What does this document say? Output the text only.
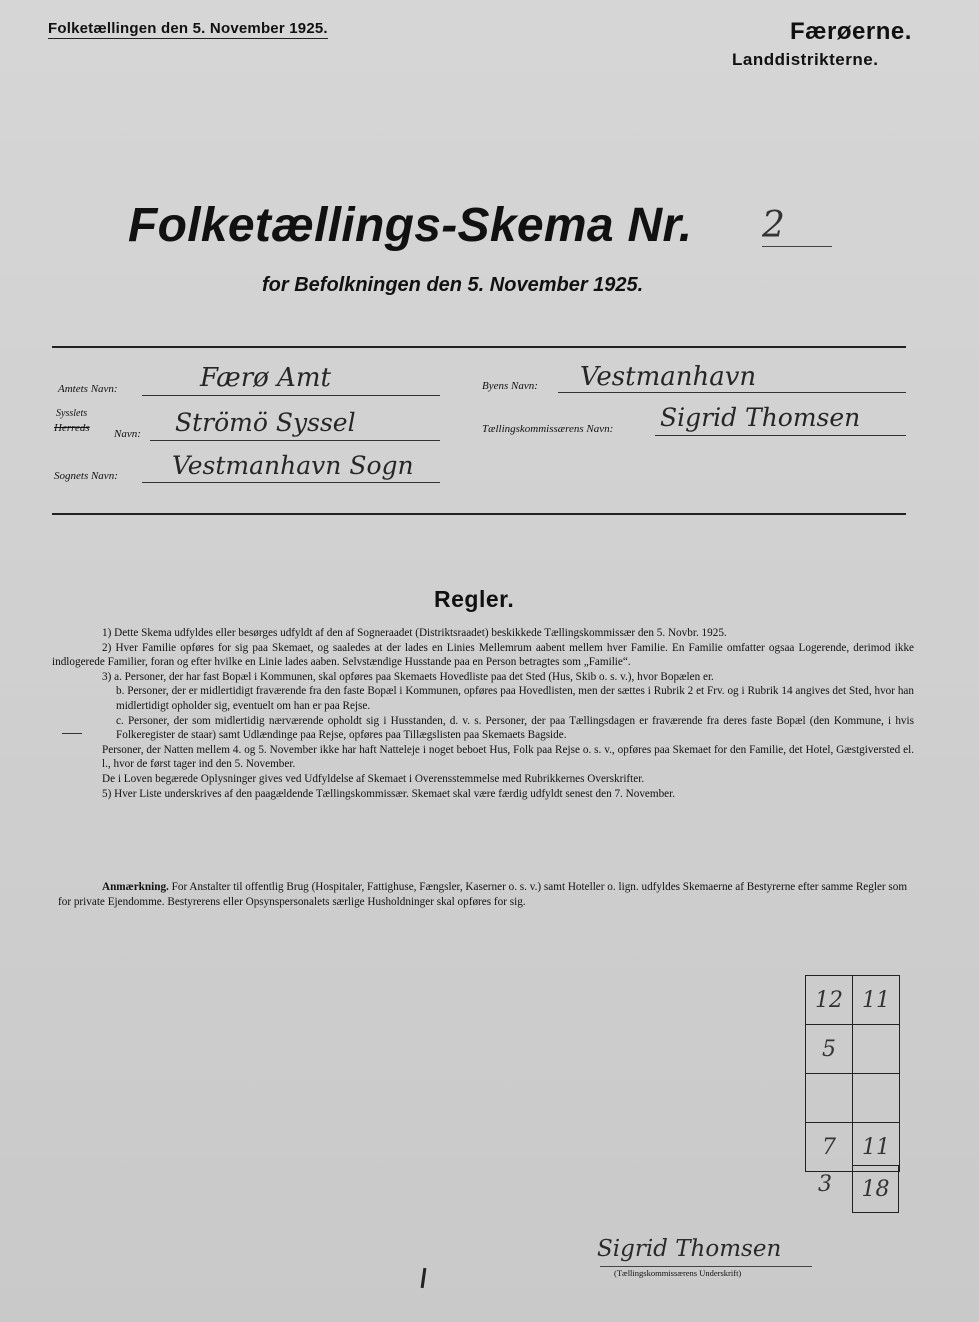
Folketællingen den 5. November 1925.	Færøerne.
Landdistrikterne.
Folketællings-Skema Nr. 2
for Befolkningen den 5. November 1925.
Amtets Navn:	Færø Amt
Sysslets
Herreds Navn: Strömö Syssel
Sognets Navn: Vestmanhavn Sogn
Byens Navn: Vestmanhavn
Tællingskommissærens Navn: Sigrid Thomsen
Regler.
1) Dette Skema udfyldes eller besørges udfyldt af den af Sogneraadet (Distriktsraadet) beskikkede Tællingskommissær den 5. Novbr. 1925.
2) Hver Familie opføres for sig paa Skemaet, og saaledes at der lades en Linies Mellemrum aabent mellem hver Familie. En Familie omfatter ogsaa Logerende, derimod ikke indlogerede Familier, foran og efter hvilke en Linie lades aaben. Selvstændige Husstande paa en Person betragtes som „Familie“.
3) a. Personer, der har fast Bopæl i Kommunen, skal opføres paa Skemaets Hovedliste paa det Sted (Hus, Skib o. s. v.), hvor Bopælen er.
b. Personer, der er midlertidigt fraværende fra den faste Bopæl i Kommunen, opføres paa Hovedlisten, men der sættes i Rubrik 2 et Frv. og i Rubrik 14 angives det Sted, hvor han midlertidigt opholder sig, eventuelt om han er paa Rejse.
c. Personer, der som midlertidig nærværende opholdt sig i Husstanden, d. v. s. Personer, der paa Tællingsdagen er fraværende fra deres faste Bopæl (den Kommune, i hvis Folkeregister de staar) samt Udlændinge paa Rejse, opføres paa Tillægslisten paa Skemaets Bagside.
Personer, der Natten mellem 4. og 5. November ikke har haft Natteleje i noget beboet Hus, Folk paa Rejse o. s. v., opføres paa Skemaet for den Familie, det Hotel, Gæstgiversted el. l., hvor de først tager ind den 5. November.
De i Loven begærede Oplysninger gives ved Udfyldelse af Skemaet i Overensstemmelse med Rubrikkernes Overskrifter.
5) Hver Liste underskrives af den paagældende Tællingskommissær. Skemaet skal være færdig udfyldt senest den 7. November.
Anmærkning. For Anstalter til offentlig Brug (Hospitaler, Fattighuse, Fængsler, Kaserner o. s. v.) samt Hoteller o. lign. udfyldes Skemaerne af Bestyrerne efter samme Regler som for private Ejendomme. Bestyrerens eller Opsynspersonalets særlige Husholdninger skal opføres for sig.
12 11
5
7	11
3	18
Sigrid Thomsen
(Tællingskommissærens Underskrift)
